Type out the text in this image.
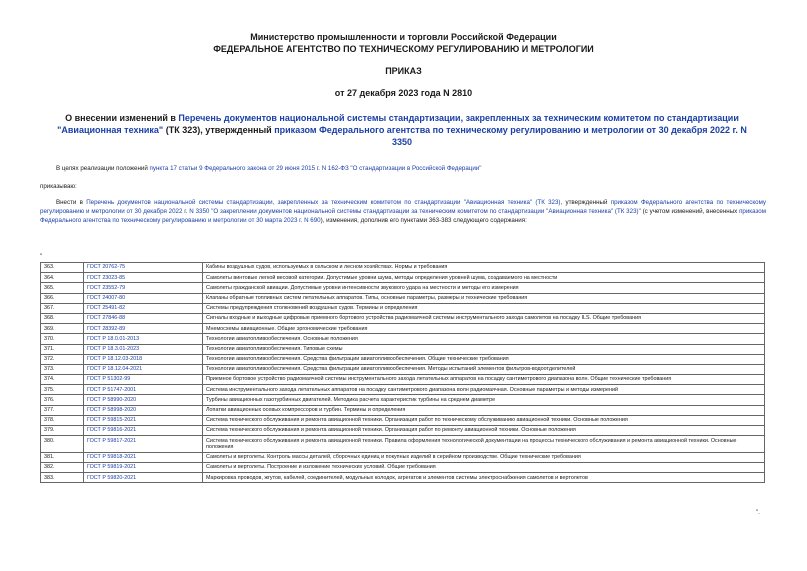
Министерство промышленности и торговли Российской Федерации
ФЕДЕРАЛЬНОЕ АГЕНТСТВО ПО ТЕХНИЧЕСКОМУ РЕГУЛИРОВАНИЮ И МЕТРОЛОГИИ
ПРИКАЗ
от 27 декабря 2023 года N 2810
О внесении изменений в Перечень документов национальной системы стандартизации, закрепленных за техническим комитетом по стандартизации "Авиационная техника" (ТК 323), утвержденный приказом Федерального агентства по техническому регулированию и метрологии от 30 декабря 2022 г. N 3350
В целях реализации положений пункта 17 статьи 9 Федерального закона от 29 июня 2015 г. N 162-ФЗ "О стандартизации в Российской Федерации"
приказываю:
Внести в Перечень документов национальной системы стандартизации, закрепленных за техническим комитетом по стандартизации "Авиационная техника" (ТК 323), утвержденный приказом Федерального агентства по техническому регулированию и метрологии от 30 декабря 2022 г. N 3350 "О закреплении документов национальной системы стандартизации за техническим комитетом по стандартизации "Авиационная техника" (ТК 323)" (с учетом изменений, внесенных приказом Федерального агентства по техническому регулированию и метрологии от 30 марта 2023 г. N 690), изменения, дополнив его пунктами 363-383 следующего содержания:
"
363.	ГОСТ 20762-75	Кабины воздушных судов, используемых в сельском и лесном хозяйствах. Нормы и требования
364.	ГОСТ 23023-85	Самолеты винтовые легкой весовой категории. Допустимые уровни шума, методы определения уровней шума, создаваемого на местности
365.	ГОСТ 23552-79	Самолеты гражданской авиации. Допустимые уровни интенсивности звукового удара на местности и методы его измерения
366.	ГОСТ 24007-80	Клапаны обратные топливных систем летательных аппаратов. Типы, основные параметры, размеры и технические требования
367.	ГОСТ 25491-82	Системы предупреждения столкновений воздушных судов. Термины и определения
368.	ГОСТ 27846-88	Сигналы входные и выходные цифровые приемного бортового устройства радиомаячной системы инструментального захода самолетов на посадку ILS. Общие требования
369.	ГОСТ 28392-89	Мнемосхемы авиационные. Общие эргономические требования
370.	ГОСТ Р 18.0.01-2013	Технологии авиатопливообеспечения. Основные положения
371.	ГОСТ Р 18.3.01-2023	Технологии авиатопливообеспечения. Типовые схемы
372.	ГОСТ Р 18.12.03-2018	Технологии авиатопливообеспечения. Средства фильтрации авиатопливообеспечения. Общие технические требования
373.	ГОСТ Р 18.12.04-2021	Технологии авиатопливообеспечения. Средства фильтрации авиатопливообеспечения. Методы испытаний элементов фильтров-водоотделителей
374.	ГОСТ Р 51302-99	Приемное бортовое устройство радиомаячной системы инструментального захода летательных аппаратов на посадку сантиметрового диапазона волн. Общие технические требования
375.	ГОСТ Р 51747-2001	Система инструментального захода летательных аппаратов на посадку сантиметрового диапазона волн радиомаячная. Основные параметры и методы измерений
376.	ГОСТ Р 58990-2020	Турбины авиационных газотурбинных двигателей. Методика расчета характеристик турбины на среднем диаметре
377.	ГОСТ Р 58998-2020	Лопатки авиационных осевых компрессоров и турбин. Термины и определения
378.	ГОСТ Р 59815-2021	Система технического обслуживания и ремонта авиационной техники. Организация работ по техническому обслуживанию авиационной техники. Основные положения
379.	ГОСТ Р 59816-2021	Система технического обслуживания и ремонта авиационной техники. Организация работ по ремонту авиационной техники. Основные положения
380.	ГОСТ Р 59817-2021	Система технического обслуживания и ремонта авиационной техники. Правила оформления технологической документации на процессы технического обслуживания и ремонта авиационной техники. Основные положения
381.	ГОСТ Р 59818-2021	Самолеты и вертолеты. Контроль массы деталей, сборочных единиц и покупных изделий в серийном производстве. Общие технические требования
382.	ГОСТ Р 59819-2021	Самолеты и вертолеты. Построение и изложение технических условий. Общие требования
383.	ГОСТ Р 59820-2021	Маркировка проводов, жгутов, кабелей, соединителей, модульных колодок, агрегатов и элементов системы электроснабжения самолетов и вертолетов
".
